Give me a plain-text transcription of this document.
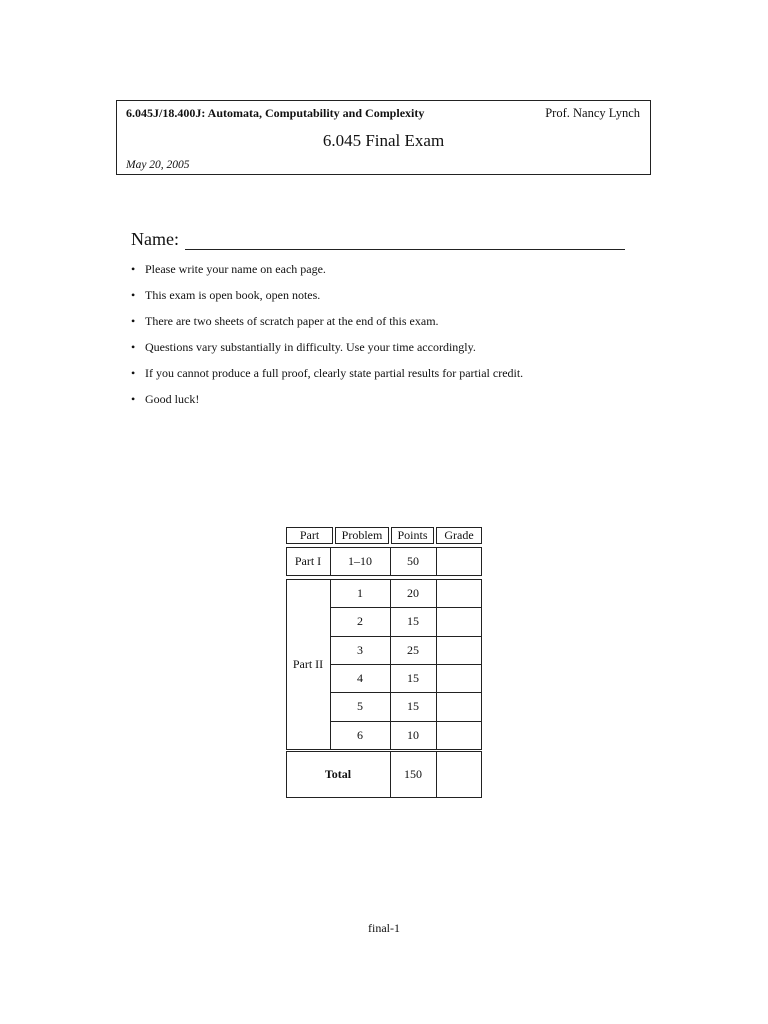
6.045J/18.400J: Automata, Computability and Complexity	Prof. Nancy Lynch
6.045 Final Exam
May 20, 2005
Name:
• Please write your name on each page.
• This exam is open book, open notes.
• There are two sheets of scratch paper at the end of this exam.
• Questions vary substantially in difficulty. Use your time accordingly.
• If you cannot produce a full proof, clearly state partial results for partial credit.
• Good luck!
Part	Problem	Points	Grade
Part I	1–10	50
Part II
1	20
2	15
3	25
4	15
5	15
6	10
Total	150
final-1
